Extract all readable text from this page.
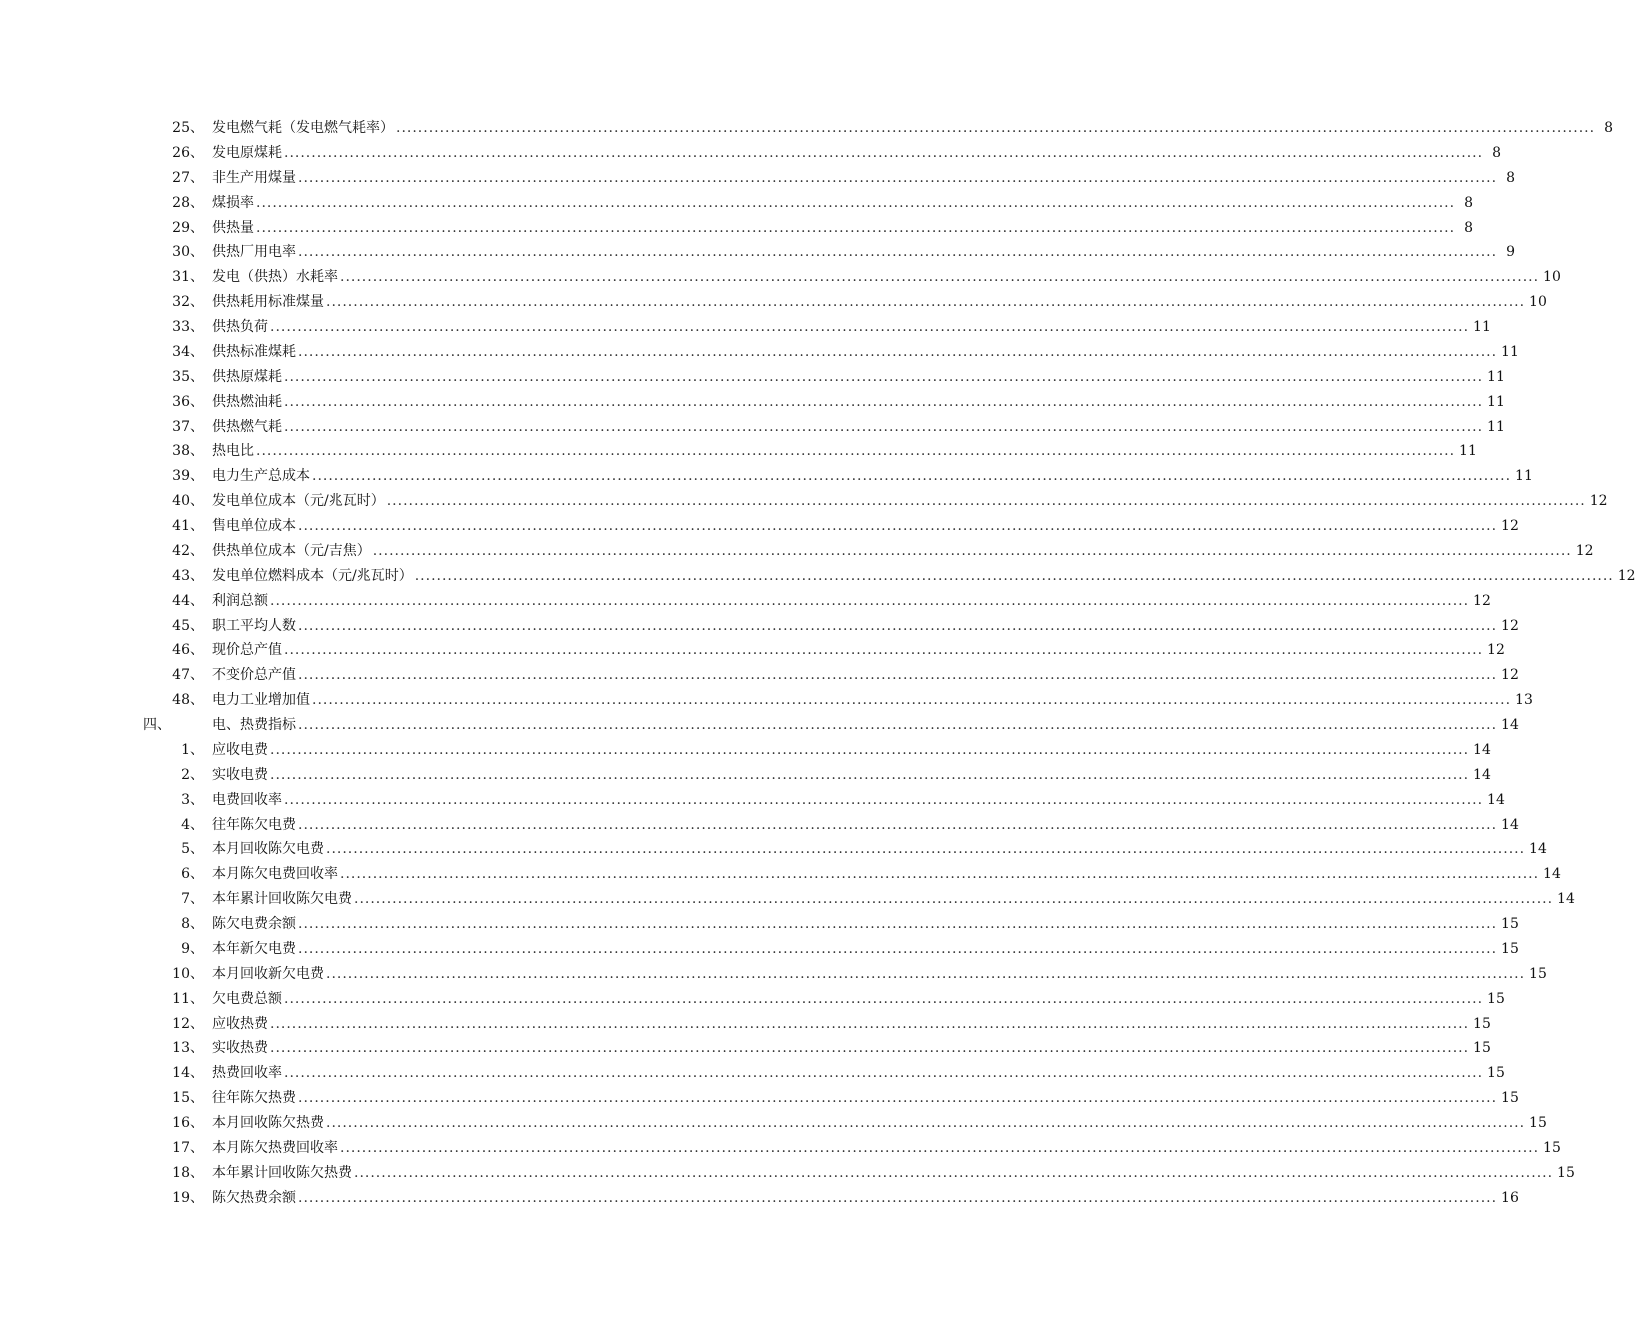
25、 发电燃气耗（发电燃气耗率） ............................................................................................................................................................................................................................ 8
26、 发电原煤耗 ............................................................................................................................................................................................................................ 8
27、 非生产用煤量 ............................................................................................................................................................................................................................ 8
28、 煤损率 ............................................................................................................................................................................................................................ 8
29、 供热量 ............................................................................................................................................................................................................................ 8
30、 供热厂用电率 ............................................................................................................................................................................................................................ 9
31、 发电（供热）水耗率 ............................................................................................................................................................................................................................ 10
32、 供热耗用标准煤量 ............................................................................................................................................................................................................................ 10
33、 供热负荷 ............................................................................................................................................................................................................................ 11
34、 供热标准煤耗 ............................................................................................................................................................................................................................ 11
35、 供热原煤耗 ............................................................................................................................................................................................................................ 11
36、 供热燃油耗 ............................................................................................................................................................................................................................ 11
37、 供热燃气耗 ............................................................................................................................................................................................................................ 11
38、 热电比 ............................................................................................................................................................................................................................ 11
39、 电力生产总成本 ............................................................................................................................................................................................................................ 11
40、 发电单位成本（元/兆瓦时） ............................................................................................................................................................................................................................ 12
41、 售电单位成本 ............................................................................................................................................................................................................................ 12
42、 供热单位成本（元/吉焦） ............................................................................................................................................................................................................................ 12
43、 发电单位燃料成本（元/兆瓦时） ............................................................................................................................................................................................................................ 12
44、 利润总额 ............................................................................................................................................................................................................................ 12
45、 职工平均人数 ............................................................................................................................................................................................................................ 12
46、 现价总产值 ............................................................................................................................................................................................................................ 12
47、 不变价总产值 ............................................................................................................................................................................................................................ 12
48、 电力工业增加值 ............................................................................................................................................................................................................................ 13
四、	电、热费指标 ............................................................................................................................................................................................................................ 14
1、 应收电费 ............................................................................................................................................................................................................................ 14
2、 实收电费 ............................................................................................................................................................................................................................ 14
3、 电费回收率 ............................................................................................................................................................................................................................ 14
4、 往年陈欠电费 ............................................................................................................................................................................................................................ 14
5、 本月回收陈欠电费 ............................................................................................................................................................................................................................ 14
6、 本月陈欠电费回收率 ............................................................................................................................................................................................................................ 14
7、 本年累计回收陈欠电费 ............................................................................................................................................................................................................................ 14
8、 陈欠电费余额 ............................................................................................................................................................................................................................ 15
9、 本年新欠电费 ............................................................................................................................................................................................................................ 15
10、 本月回收新欠电费 ............................................................................................................................................................................................................................ 15
11、 欠电费总额 ............................................................................................................................................................................................................................ 15
12、 应收热费 ............................................................................................................................................................................................................................ 15
13、 实收热费 ............................................................................................................................................................................................................................ 15
14、 热费回收率 ............................................................................................................................................................................................................................ 15
15、 往年陈欠热费 ............................................................................................................................................................................................................................ 15
16、 本月回收陈欠热费 ............................................................................................................................................................................................................................ 15
17、 本月陈欠热费回收率 ............................................................................................................................................................................................................................ 15
18、 本年累计回收陈欠热费 ............................................................................................................................................................................................................................ 15
19、 陈欠热费余额 ............................................................................................................................................................................................................................ 16
